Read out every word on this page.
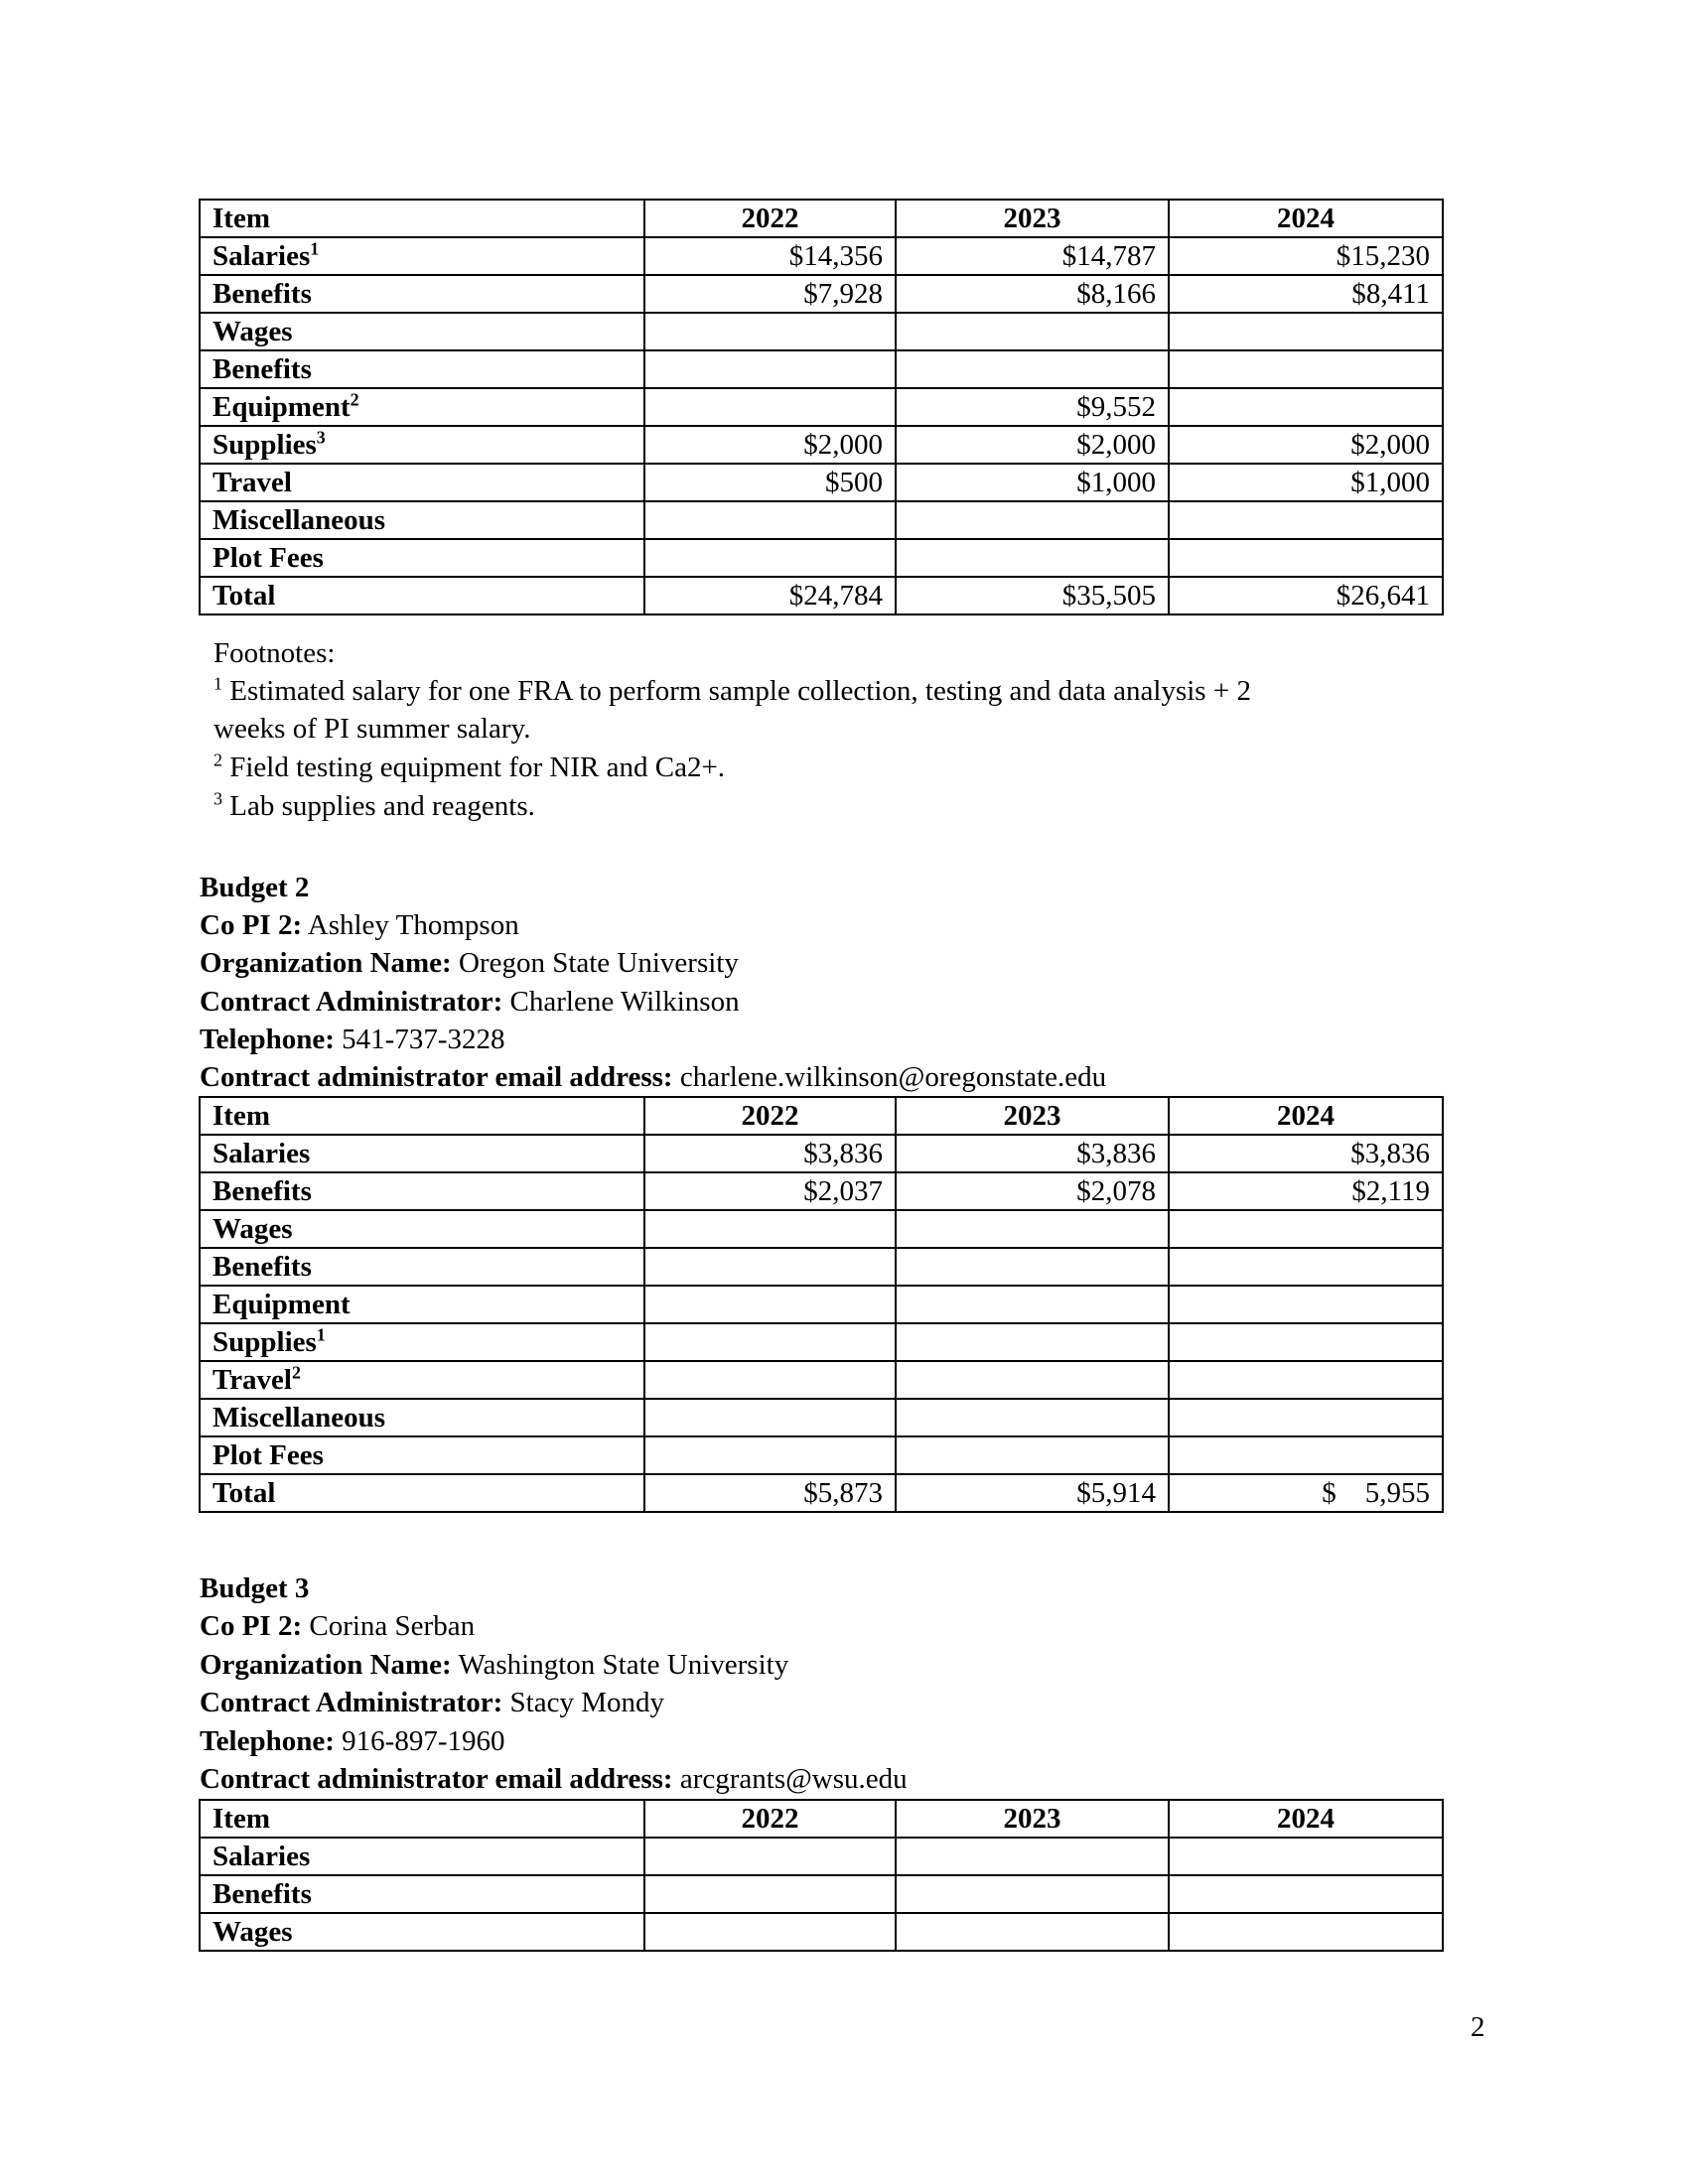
Item	2022	2023	2024
Salaries$^1$	$14,356	$14,787	$15,230
Benefits	$7,928	$8,166	$8,411
Wages			
Benefits			
Equipment$^2$		$9,552	
Supplies$^3$	$2,000	$2,000	$2,000
Travel	$500	$1,000	$1,000
Miscellaneous			
Plot Fees			
Total	$24,784	$35,505	$26,641
Footnotes:
$^1$ Estimated salary for one FRA to perform sample collection, testing and data analysis + 2
weeks of PI summer salary.
$^2$ Field testing equipment for NIR and Ca2+.
$^3$ Lab supplies and reagents.
Budget 2
Co PI 2: Ashley Thompson
Organization Name: Oregon State University
Contract Administrator: Charlene Wilkinson
Telephone: 541-737-3228
Contract administrator email address: charlene.wilkinson@oregonstate.edu
Item	2022	2023	2024
Salaries	$3,836	$3,836	$3,836
Benefits	$2,037	$2,078	$2,119
Wages			
Benefits			
Equipment			
Supplies$^1$			
Travel$^2$			
Miscellaneous			
Plot Fees			
Total	$5,873	$5,914	$    5,955
Budget 3
Co PI 2: Corina Serban
Organization Name: Washington State University
Contract Administrator: Stacy Mondy
Telephone: 916-897-1960
Contract administrator email address: arcgrants@wsu.edu
Item	2022	2023	2024
Salaries			
Benefits			
Wages			
2
